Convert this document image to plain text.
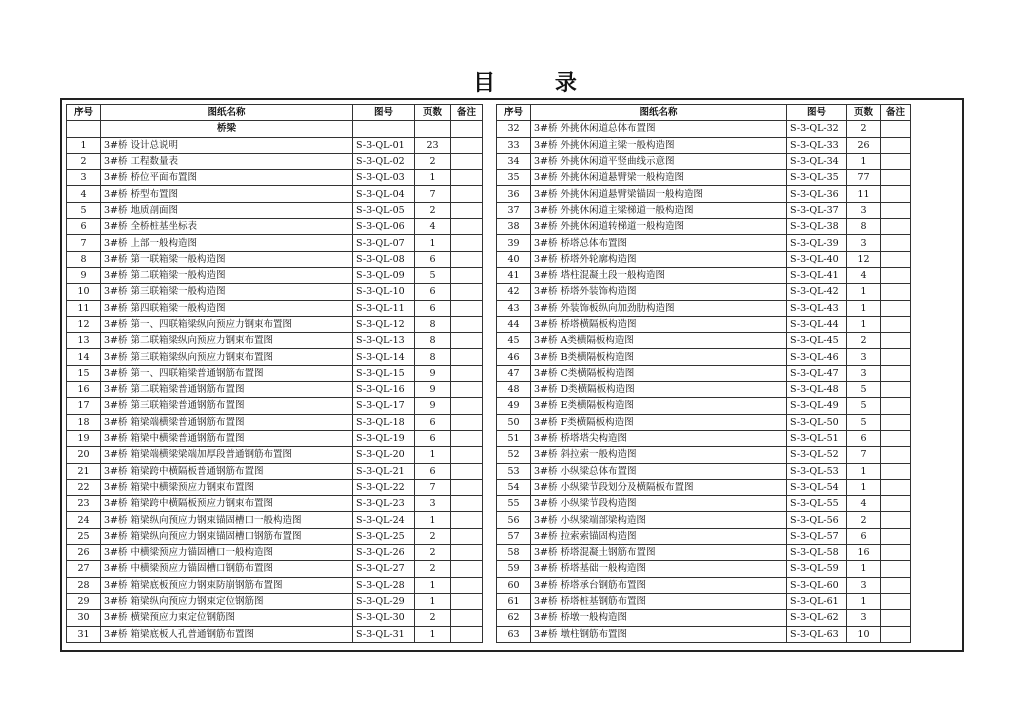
目 录
序号	图纸名称	图号	页数	备注
	桥梁			
1	3#桥 设计总说明	S-3-QL-01	23	
2	3#桥 工程数量表	S-3-QL-02	2	
3	3#桥 桥位平面布置图	S-3-QL-03	1	
4	3#桥 桥型布置图	S-3-QL-04	7	
5	3#桥 地质剖面图	S-3-QL-05	2	
6	3#桥 全桥桩基坐标表	S-3-QL-06	4	
7	3#桥 上部一般构造图	S-3-QL-07	1	
8	3#桥 第一联箱梁一般构造图	S-3-QL-08	6	
9	3#桥 第二联箱梁一般构造图	S-3-QL-09	5	
10	3#桥 第三联箱梁一般构造图	S-3-QL-10	6	
11	3#桥 第四联箱梁一般构造图	S-3-QL-11	6	
12	3#桥 第一、四联箱梁纵向预应力钢束布置图	S-3-QL-12	8	
13	3#桥 第二联箱梁纵向预应力钢束布置图	S-3-QL-13	8	
14	3#桥 第三联箱梁纵向预应力钢束布置图	S-3-QL-14	8	
15	3#桥 第一、四联箱梁普通钢筋布置图	S-3-QL-15	9	
16	3#桥 第二联箱梁普通钢筋布置图	S-3-QL-16	9	
17	3#桥 第三联箱梁普通钢筋布置图	S-3-QL-17	9	
18	3#桥 箱梁端横梁普通钢筋布置图	S-3-QL-18	6	
19	3#桥 箱梁中横梁普通钢筋布置图	S-3-QL-19	6	
20	3#桥 箱梁端横梁梁端加厚段普通钢筋布置图	S-3-QL-20	1	
21	3#桥 箱梁跨中横隔板普通钢筋布置图	S-3-QL-21	6	
22	3#桥 箱梁中横梁预应力钢束布置图	S-3-QL-22	7	
23	3#桥 箱梁跨中横隔板预应力钢束布置图	S-3-QL-23	3	
24	3#桥 箱梁纵向预应力钢束锚固槽口一般构造图	S-3-QL-24	1	
25	3#桥 箱梁纵向预应力钢束锚固槽口钢筋布置图	S-3-QL-25	2	
26	3#桥 中横梁预应力锚固槽口一般构造图	S-3-QL-26	2	
27	3#桥 中横梁预应力锚固槽口钢筋布置图	S-3-QL-27	2	
28	3#桥 箱梁底板预应力钢束防崩钢筋布置图	S-3-QL-28	1	
29	3#桥 箱梁纵向预应力钢束定位钢筋图	S-3-QL-29	1	
30	3#桥 横梁预应力束定位钢筋图	S-3-QL-30	2	
31	3#桥 箱梁底板人孔普通钢筋布置图	S-3-QL-31	1	
序号	图纸名称	图号	页数	备注
32	3#桥 外挑休闲道总体布置图	S-3-QL-32	2	
33	3#桥 外挑休闲道主梁一般构造图	S-3-QL-33	26	
34	3#桥 外挑休闲道平竖曲线示意图	S-3-QL-34	1	
35	3#桥 外挑休闲道悬臂梁一般构造图	S-3-QL-35	77	
36	3#桥 外挑休闲道悬臂梁锚固一般构造图	S-3-QL-36	11	
37	3#桥 外挑休闲道主梁梯道一般构造图	S-3-QL-37	3	
38	3#桥 外挑休闲道转梯道一般构造图	S-3-QL-38	8	
39	3#桥 桥塔总体布置图	S-3-QL-39	3	
40	3#桥 桥塔外轮廓构造图	S-3-QL-40	12	
41	3#桥 塔柱混凝土段一般构造图	S-3-QL-41	4	
42	3#桥 桥塔外装饰构造图	S-3-QL-42	1	
43	3#桥 外装饰板纵向加劲肋构造图	S-3-QL-43	1	
44	3#桥 桥塔横隔板构造图	S-3-QL-44	1	
45	3#桥 A类横隔板构造图	S-3-QL-45	2	
46	3#桥 B类横隔板构造图	S-3-QL-46	3	
47	3#桥 C类横隔板构造图	S-3-QL-47	3	
48	3#桥 D类横隔板构造图	S-3-QL-48	5	
49	3#桥 E类横隔板构造图	S-3-QL-49	5	
50	3#桥 F类横隔板构造图	S-3-QL-50	5	
51	3#桥 桥塔塔尖构造图	S-3-QL-51	6	
52	3#桥 斜拉索一般构造图	S-3-QL-52	7	
53	3#桥 小纵梁总体布置图	S-3-QL-53	1	
54	3#桥 小纵梁节段划分及横隔板布置图	S-3-QL-54	1	
55	3#桥 小纵梁节段构造图	S-3-QL-55	4	
56	3#桥 小纵梁端部梁构造图	S-3-QL-56	2	
57	3#桥 拉索索锚固构造图	S-3-QL-57	6	
58	3#桥 桥塔混凝土钢筋布置图	S-3-QL-58	16	
59	3#桥 桥塔基础一般构造图	S-3-QL-59	1	
60	3#桥 桥塔承台钢筋布置图	S-3-QL-60	3	
61	3#桥 桥塔桩基钢筋布置图	S-3-QL-61	1	
62	3#桥 桥墩一般构造图	S-3-QL-62	3	
63	3#桥 墩柱钢筋布置图	S-3-QL-63	10	
